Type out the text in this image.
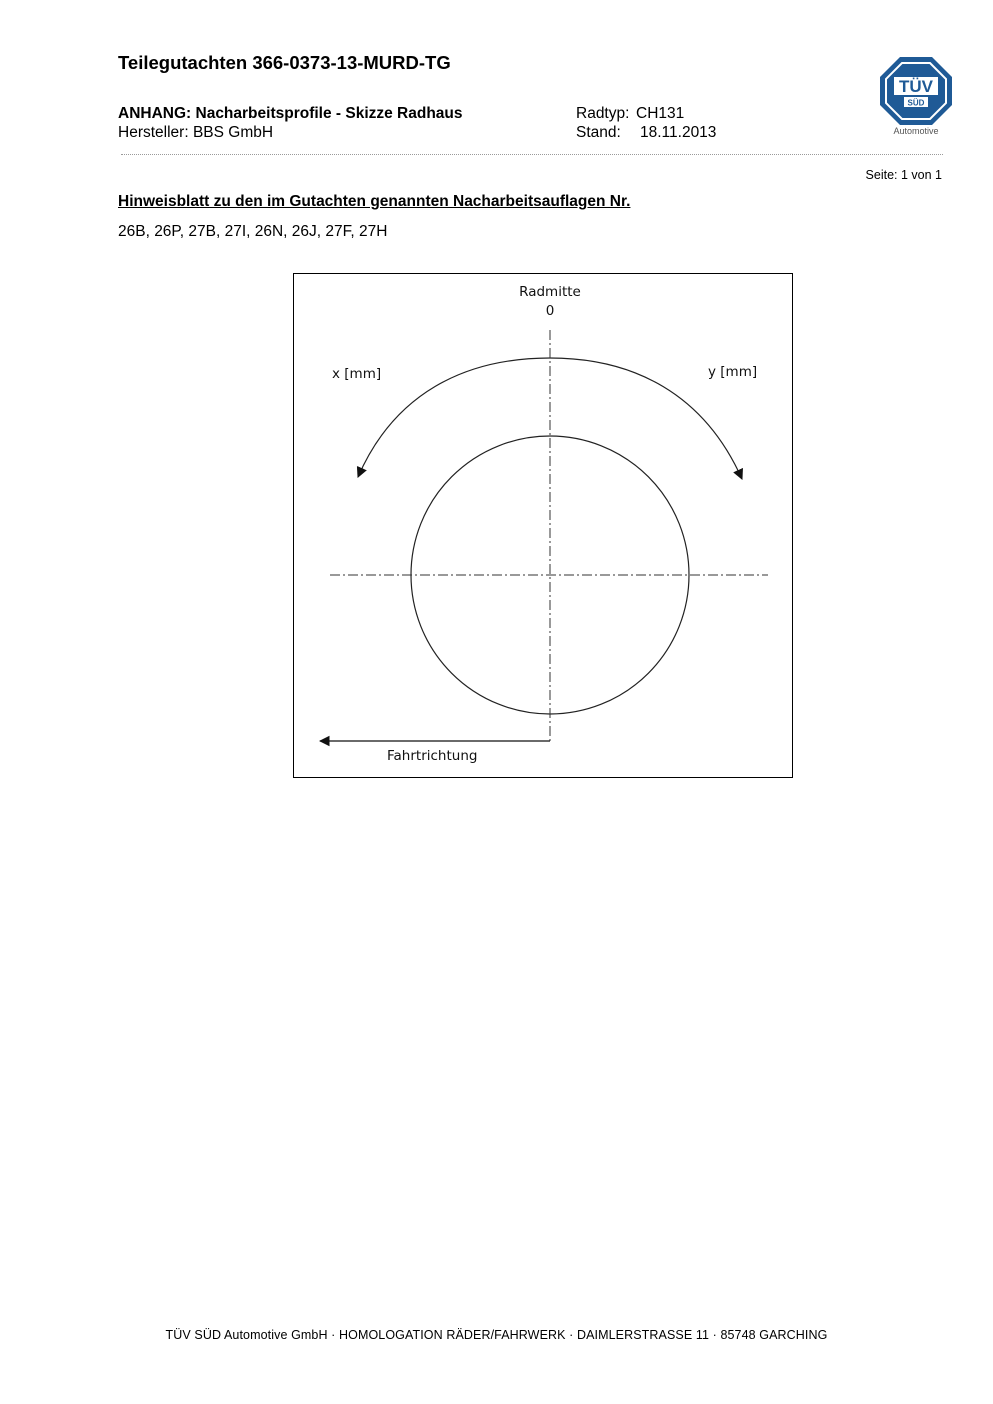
Teilegutachten 366-0373-13-MURD-TG
ANHANG: Nacharbeitsprofile - Skizze Radhaus
Hersteller: BBS GmbH
Radtyp: CH131
Stand: 18.11.2013
TÜV
SÜD
Automotive
Seite: 1 von 1
Hinweisblatt zu den im Gutachten genannten Nacharbeitsauflagen Nr.
26B, 26P, 27B, 27I, 26N, 26J, 27F, 27H
Radmitte
0
x [mm]	y [mm]
Fahrtrichtung
TÜV SÜD Automotive GmbH · HOMOLOGATION RÄDER/FAHRWERK · DAIMLERSTRASSE 11 · 85748 GARCHING
